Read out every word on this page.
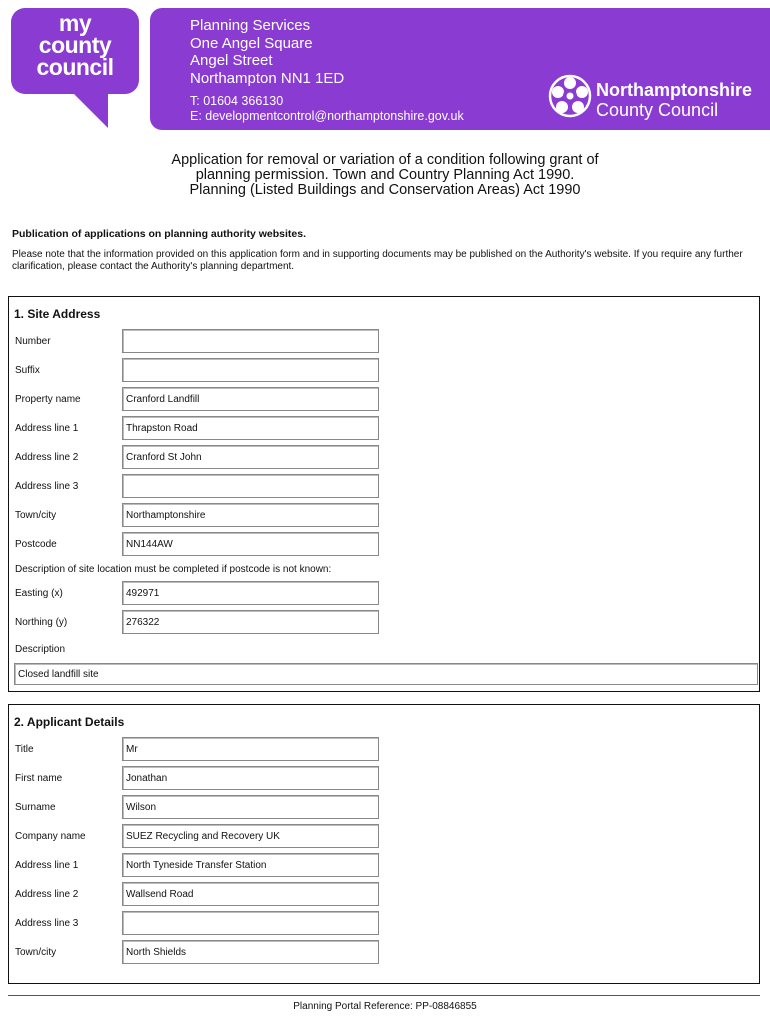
my
county
council
Planning Services
One Angel Square
Angel Street
Northampton NN1 1ED
T: 01604 366130
E: developmentcontrol@northamptonshire.gov.uk
Northamptonshire
County Council
Application for removal or variation of a condition following grant of
planning permission. Town and Country Planning Act 1990.
Planning (Listed Buildings and Conservation Areas) Act 1990
Publication of applications on planning authority websites.
Please note that the information provided on this application form and in supporting documents may be published on the Authority's website. If you require any further clarification, please contact the Authority's planning department.
1. Site Address
Number
Suffix
Property name	Cranford Landfill
Address line 1	Thrapston Road
Address line 2	Cranford St John
Address line 3
Town/city	Northamptonshire
Postcode	NN144AW
Description of site location must be completed if postcode is not known:
Easting (x)	492971
Northing (y)	276322
Description
Closed landfill site
2. Applicant Details
Title	Mr
First name	Jonathan
Surname	Wilson
Company name	SUEZ Recycling and Recovery UK
Address line 1	North Tyneside Transfer Station
Address line 2	Wallsend Road
Address line 3
Town/city	North Shields
Planning Portal Reference: PP-08846855
